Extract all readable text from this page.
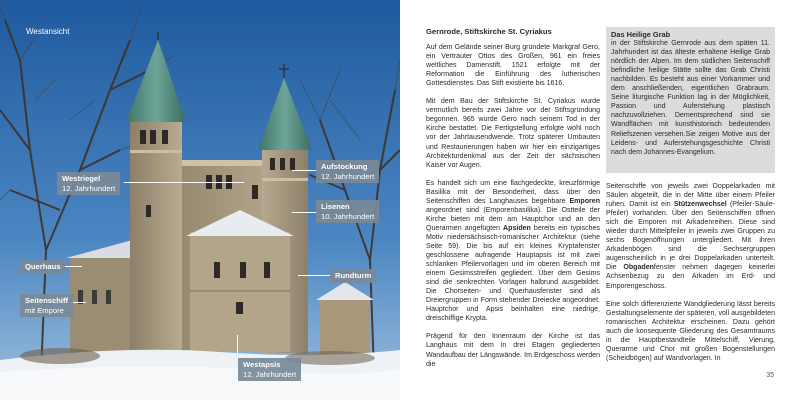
Westansicht
Westriegel
12. Jahrhundert
Aufstockung
12. Jahrhundert
Lisenen
10. Jahrhundert
Querhaus
Rundturm
Seitenschiff
mit Empore
Westapsis
12. Jahrhundert
Gernrode, Stiftskirche St. Cyriakus

Auf dem Gelände seiner Burg gründete Markgraf Gero, ein Vertrauter Ottos des Großen, 961 ein freies weltliches Damenstift. 1521 erfolgte mit der Reformation die Einführung des lutherischen Gottesdienstes. Das Stift existierte bis 1616.

Mit dem Bau der Stiftskirche St. Cyriakus wurde vermutlich bereits zwei Jahre vor der Stiftsgründung begonnen. 965 wurde Gero nach seinem Tod in der Kirche bestattet. Die Fertigstellung erfolgte wohl noch vor der Jahrtausendwende. Trotz späterer Umbauten und Restaurierungen haben wir hier ein einzigartiges Architekturdenkmal aus der Zeit der sächsischen Kaiser vor Augen.

Es handelt sich um eine flachgedeckte, kreuzförmige Basilika mit der Besonderheit, dass über den Seitenschiffen des Langhauses begehbare Emporen angeordnet sind (Emporenbasilika). Die Ostteile der Kirche bieten mit dem am Hauptchor und an den Querarmen angefügten Apsiden bereits ein typisches Motiv niedersächsisch-romanischer Architektur (siehe Seite 59). Die bis auf ein kleines Kryptafenster geschlossene aufragende Hauptapsis ist mit zwei schlanken Pfeilervorlagen und im oberen Bereich mit einem Gesimsstreifen gegliedert. Über dem Gesims sind die senkrechten Vorlagen halbrund ausgebildet. Die Chorseiten- und Querhausfenster sind als Dreiergruppen in Form stehender Dreiecke angeordnet. Hauptchor und Apsis beinhalten eine niedrige, dreischiffige Krypta.

Prägend für den Innenraum der Kirche ist das Langhaus mit dem in drei Etagen gegliederten Wandaufbau der Längswände. Im Erdgeschoss werden die

Das Heilige Grab
in der Stiftskirche Gernrode aus dem späten 11. Jahrhundert ist das älteste erhaltene Heilige Grab nördlich der Alpen. Im dem südlichen Seitenschiff befindliche heilige Stätte sollte das Grab Christi nachbilden. Es besteht aus einer Vorkammer und dem anschließenden, eigentlichen Grabraum. Seine liturgische Funktion lag in der Möglichkeit, Passion und Auferstehung plastisch nachzuvollziehen. Dementsprechend sind sie Wandflächen mit kunsthistorisch bedeutenden Reliefszenen versehen.Sie zeigen Motive aus der Leidens- und Auferstehungsgeschichte Christi nach dem Johannes-Evangelium.

Seitenschiffe von jeweils zwei Doppelarkaden mit Säulen abgeteilt, die in der Mitte über einem Pfeiler ruhen. Damit ist ein Stützenwechsel (Pfeiler-Säule-Pfeiler) vorhanden. Über den Seitenschiffen öffnen sich die Emporen mit Arkadenreihen. Diese sind wieder durch Mittelpfeiler in jeweils zwei Gruppen zu sechs Bogenöffnungen untergliedert. Mit ihren Arkadenbögen sind die Sechsergruppen augenscheinlich in je drei Doppelarkaden unterteilt. Die Obgadenfenster nehmen dagegen keinerlei Achsenbezug zu den Arkaden im Erd- und Emporengeschoss.

Eine solch differenzierte Wandgliederung lässt bereits Gestaltungselemente der späteren, voll ausgebildeten romanischen Architektur erscheinen. Dazu gehört auch die konsequente Gliederung des Gesamtraums in die Hauptbestandteile Mittelschiff, Vierung, Querarme und Chor mit großen Bogenstellungen (Scheidbögen) auf Wandvorlagen. In

35
